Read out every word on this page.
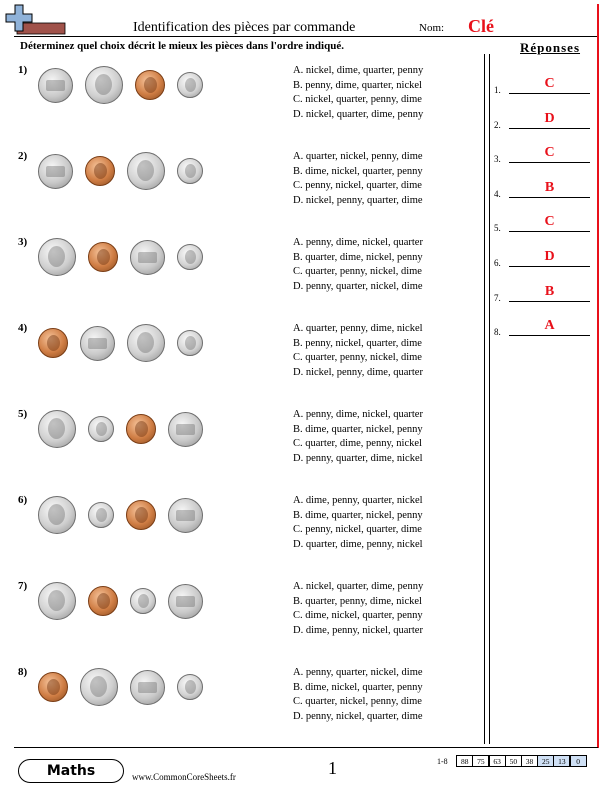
Identification des pièces par commande	Nom: Clé
Déterminez quel choix décrit le mieux les pièces dans l'ordre indiqué.	Réponses
1.	C
2.	D
3.	C
4.	B
5.	C
6.	D
7.	B
8.	A
1)	A. nickel, dime, quarter, penny
B. penny, dime, quarter, nickel
C. nickel, quarter, penny, dime
D. nickel, quarter, dime, penny
2)	A. quarter, nickel, penny, dime
B. dime, nickel, quarter, penny
C. penny, nickel, quarter, dime
D. nickel, penny, quarter, dime
3)	A. penny, dime, nickel, quarter
B. quarter, dime, nickel, penny
C. quarter, penny, nickel, dime
D. penny, quarter, nickel, dime
4)	A. quarter, penny, dime, nickel
B. penny, nickel, quarter, dime
C. quarter, penny, nickel, dime
D. nickel, penny, dime, quarter
5)	A. penny, dime, nickel, quarter
B. dime, quarter, nickel, penny
C. quarter, dime, penny, nickel
D. penny, quarter, dime, nickel
6)	A. dime, penny, quarter, nickel
B. dime, quarter, nickel, penny
C. penny, nickel, quarter, dime
D. quarter, dime, penny, nickel
7)	A. nickel, quarter, dime, penny
B. quarter, penny, dime, nickel
C. dime, nickel, quarter, penny
D. dime, penny, nickel, quarter
8)	A. penny, quarter, nickel, dime
B. dime, nickel, quarter, penny
C. quarter, nickel, penny, dime
D. penny, nickel, quarter, dime
Maths	www.CommonCoreSheets.fr	1	1-8	88	75	63	50	38	25	13	0
